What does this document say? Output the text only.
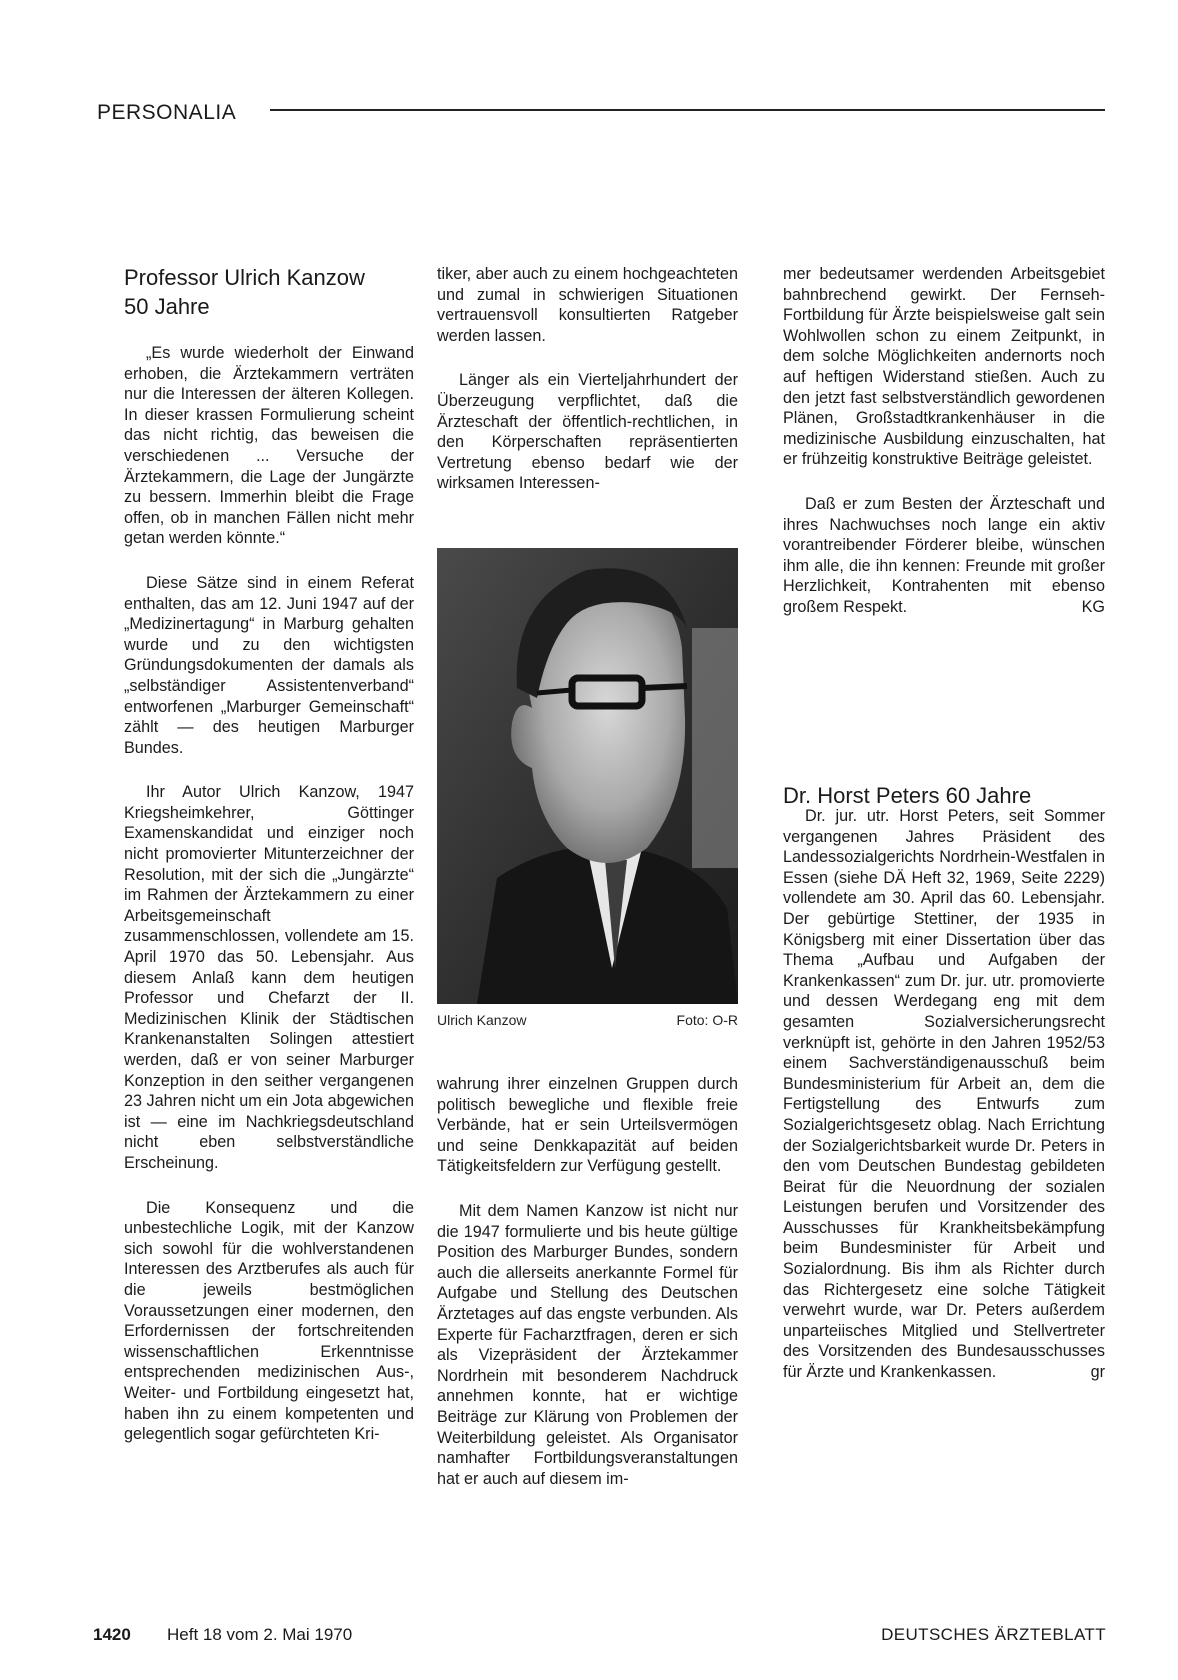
PERSONALIA
Professor Ulrich Kanzow
50 Jahre

„Es wurde wiederholt der Einwand erhoben, die Ärztekammern verträten nur die Interessen der älteren Kollegen. In dieser krassen Formulierung scheint das nicht richtig, das beweisen die verschiedenen ... Versuche der Ärztekammern, die Lage der Jungärzte zu bessern. Immerhin bleibt die Frage offen, ob in manchen Fällen nicht mehr getan werden könnte.“

Diese Sätze sind in einem Referat enthalten, das am 12. Juni 1947 auf der „Medizinertagung“ in Marburg gehalten wurde und zu den wichtigsten Gründungsdokumenten der damals als „selbständiger Assistentenverband“ entworfenen „Marburger Gemeinschaft“ zählt — des heutigen Marburger Bundes.

Ihr Autor Ulrich Kanzow, 1947 Kriegsheimkehrer, Göttinger Examenskandidat und einziger noch nicht promovierter Mitunterzeichner der Resolution, mit der sich die „Jungärzte“ im Rahmen der Ärztekammern zu einer Arbeitsgemeinschaft zusammenschlossen, vollendete am 15. April 1970 das 50. Lebensjahr. Aus diesem Anlaß kann dem heutigen Professor und Chefarzt der II. Medizinischen Klinik der Städtischen Krankenanstalten Solingen attestiert werden, daß er von seiner Marburger Konzeption in den seither vergangenen 23 Jahren nicht um ein Jota abgewichen ist — eine im Nachkriegsdeutschland nicht eben selbstverständliche Erscheinung.

Die Konsequenz und die unbestechliche Logik, mit der Kanzow sich sowohl für die wohlverstandenen Interessen des Arztberufes als auch für die jeweils bestmöglichen Voraussetzungen einer modernen, den Erfordernissen der fortschreitenden wissenschaftlichen Erkenntnisse entsprechenden medizinischen Aus-, Weiter- und Fortbildung eingesetzt hat, haben ihn zu einem kompetenten und gelegentlich sogar gefürchteten Kri-

tiker, aber auch zu einem hochgeachteten und zumal in schwierigen Situationen vertrauensvoll konsultierten Ratgeber werden lassen.

Länger als ein Vierteljahrhundert der Überzeugung verpflichtet, daß die Ärzteschaft der öffentlich-rechtlichen, in den Körperschaften repräsentierten Vertretung ebenso bedarf wie der wirksamen Interessen-

Ulrich Kanzow	Foto: O-R

wahrung ihrer einzelnen Gruppen durch politisch bewegliche und flexible freie Verbände, hat er sein Urteilsvermögen und seine Denkkapazität auf beiden Tätigkeitsfeldern zur Verfügung gestellt.

Mit dem Namen Kanzow ist nicht nur die 1947 formulierte und bis heute gültige Position des Marburger Bundes, sondern auch die allerseits anerkannte Formel für Aufgabe und Stellung des Deutschen Ärztetages auf das engste verbunden. Als Experte für Facharztfragen, deren er sich als Vizepräsident der Ärztekammer Nordrhein mit besonderem Nachdruck annehmen konnte, hat er wichtige Beiträge zur Klärung von Problemen der Weiterbildung geleistet. Als Organisator namhafter Fortbildungsveranstaltungen hat er auch auf diesem im-

mer bedeutsamer werdenden Arbeitsgebiet bahnbrechend gewirkt. Der Fernseh-Fortbildung für Ärzte beispielsweise galt sein Wohlwollen schon zu einem Zeitpunkt, in dem solche Möglichkeiten andernorts noch auf heftigen Widerstand stießen. Auch zu den jetzt fast selbstverständlich gewordenen Plänen, Großstadtkrankenhäuser in die medizinische Ausbildung einzuschalten, hat er frühzeitig konstruktive Beiträge geleistet.

Daß er zum Besten der Ärzteschaft und ihres Nachwuchses noch lange ein aktiv vorantreibender Förderer bleibe, wünschen ihm alle, die ihn kennen: Freunde mit großer Herzlichkeit, Kontrahenten mit ebenso großem Respekt.	KG

Dr. Horst Peters 60 Jahre

Dr. jur. utr. Horst Peters, seit Sommer vergangenen Jahres Präsident des Landessozialgerichts Nordrhein-Westfalen in Essen (siehe DÄ Heft 32, 1969, Seite 2229) vollendete am 30. April das 60. Lebensjahr. Der gebürtige Stettiner, der 1935 in Königsberg mit einer Dissertation über das Thema „Aufbau und Aufgaben der Krankenkassen“ zum Dr. jur. utr. promovierte und dessen Werdegang eng mit dem gesamten Sozialversicherungsrecht verknüpft ist, gehörte in den Jahren 1952/53 einem Sachverständigenausschuß beim Bundesministerium für Arbeit an, dem die Fertigstellung des Entwurfs zum Sozialgerichtsgesetz oblag. Nach Errichtung der Sozialgerichtsbarkeit wurde Dr. Peters in den vom Deutschen Bundestag gebildeten Beirat für die Neuordnung der sozialen Leistungen berufen und Vorsitzender des Ausschusses für Krankheitsbekämpfung beim Bundesminister für Arbeit und Sozialordnung. Bis ihm als Richter durch das Richtergesetz eine solche Tätigkeit verwehrt wurde, war Dr. Peters außerdem unparteiisches Mitglied und Stellvertreter des Vorsitzenden des Bundesausschusses für Ärzte und Krankenkassen.	gr

1420 Heft 18 vom 2. Mai 1970	DEUTSCHES ÄRZTEBLATT
